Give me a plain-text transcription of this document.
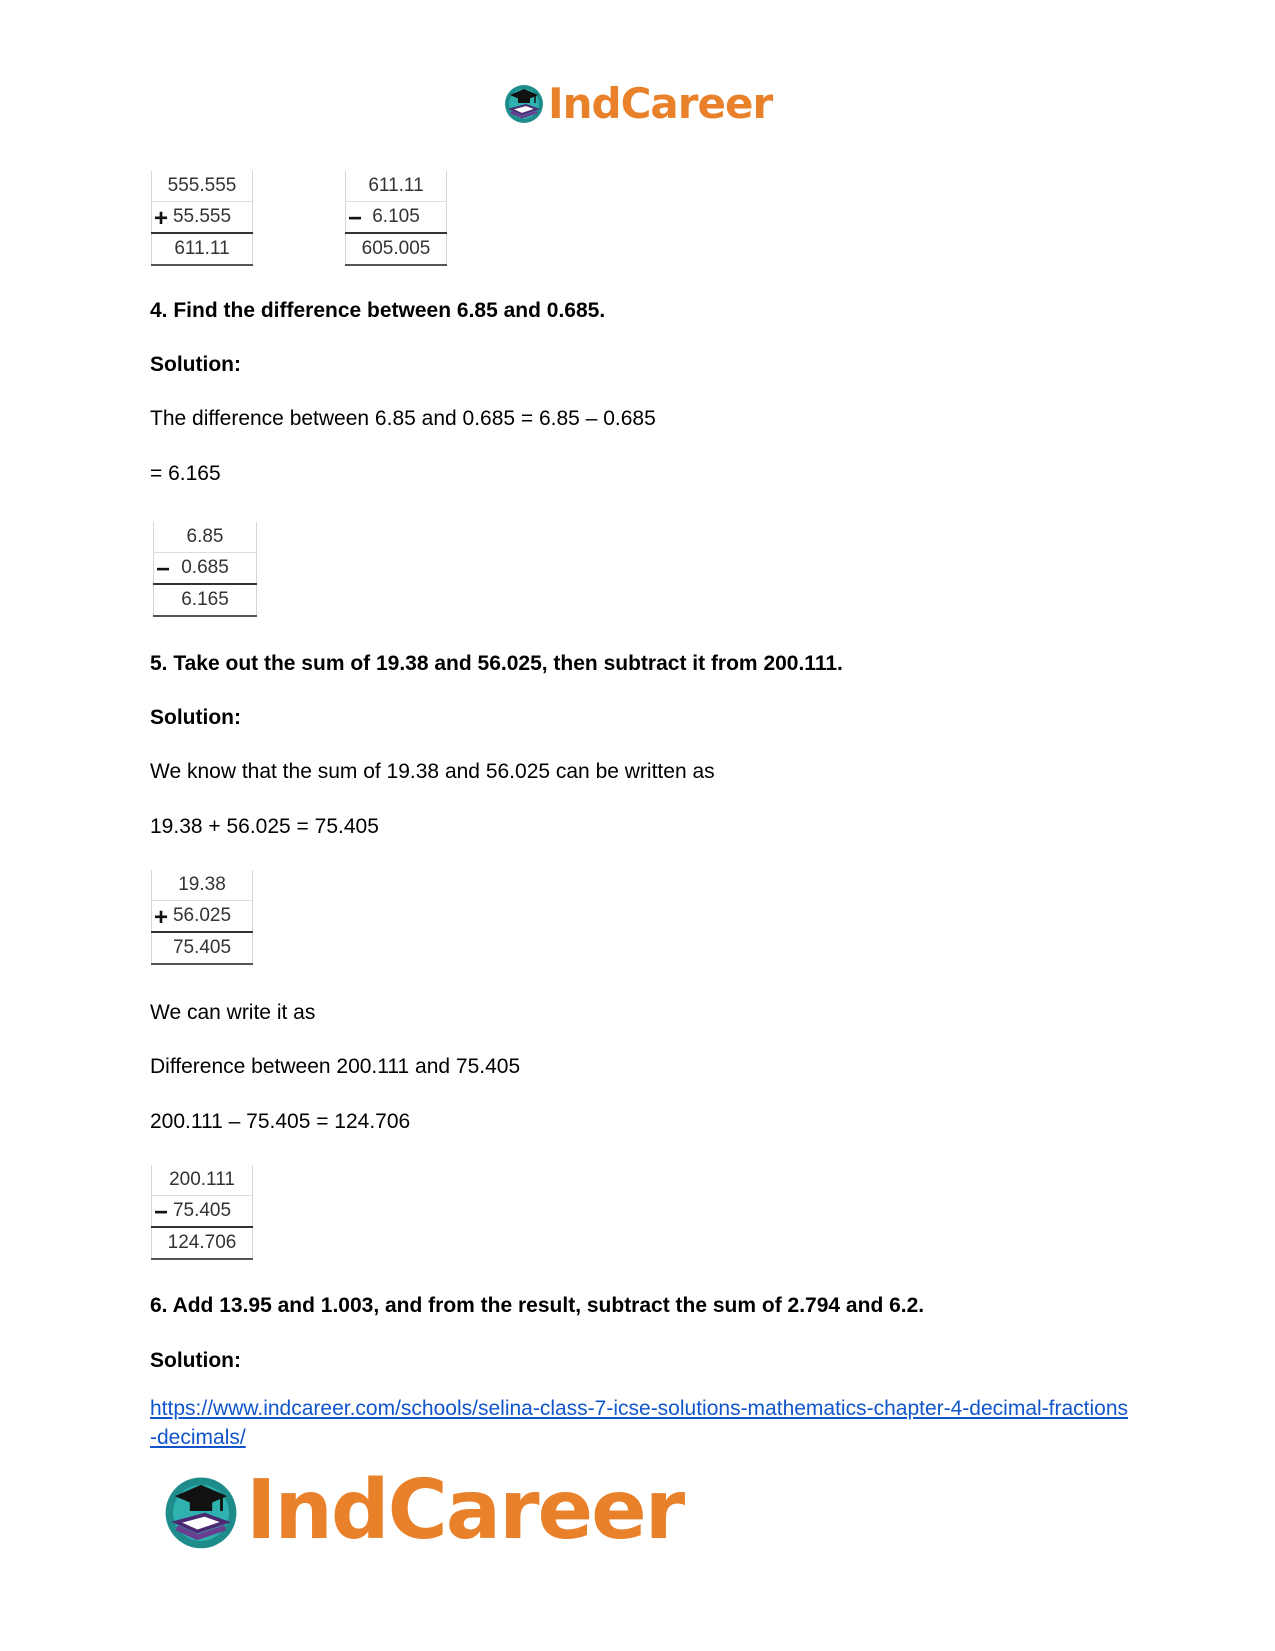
IndCareer
555.555		611.11

+ 55.555		− 6.105
611.11		605.005

4. Find the difference between 6.85 and 0.685.

Solution:

The difference between 6.85 and 0.685 = 6.85 – 0.685

= 6.165

6.85

− 0.685
6.165

5. Take out the sum of 19.38 and 56.025, then subtract it from 200.111.

Solution:

We know that the sum of 19.38 and 56.025 can be written as

19.38 + 56.025 = 75.405

19.38

+ 56.025
75.405

We can write it as

Difference between 200.111 and 75.405

200.111 – 75.405 = 124.706

200.111

− 75.405
124.706

6. Add 13.95 and 1.003, and from the result, subtract the sum of 2.794 and 6.2.

Solution:

https://www.indcareer.com/schools/selina-class-7-icse-solutions-mathematics-chapter-4-decimal-fractions-decimals/
IndCareer
